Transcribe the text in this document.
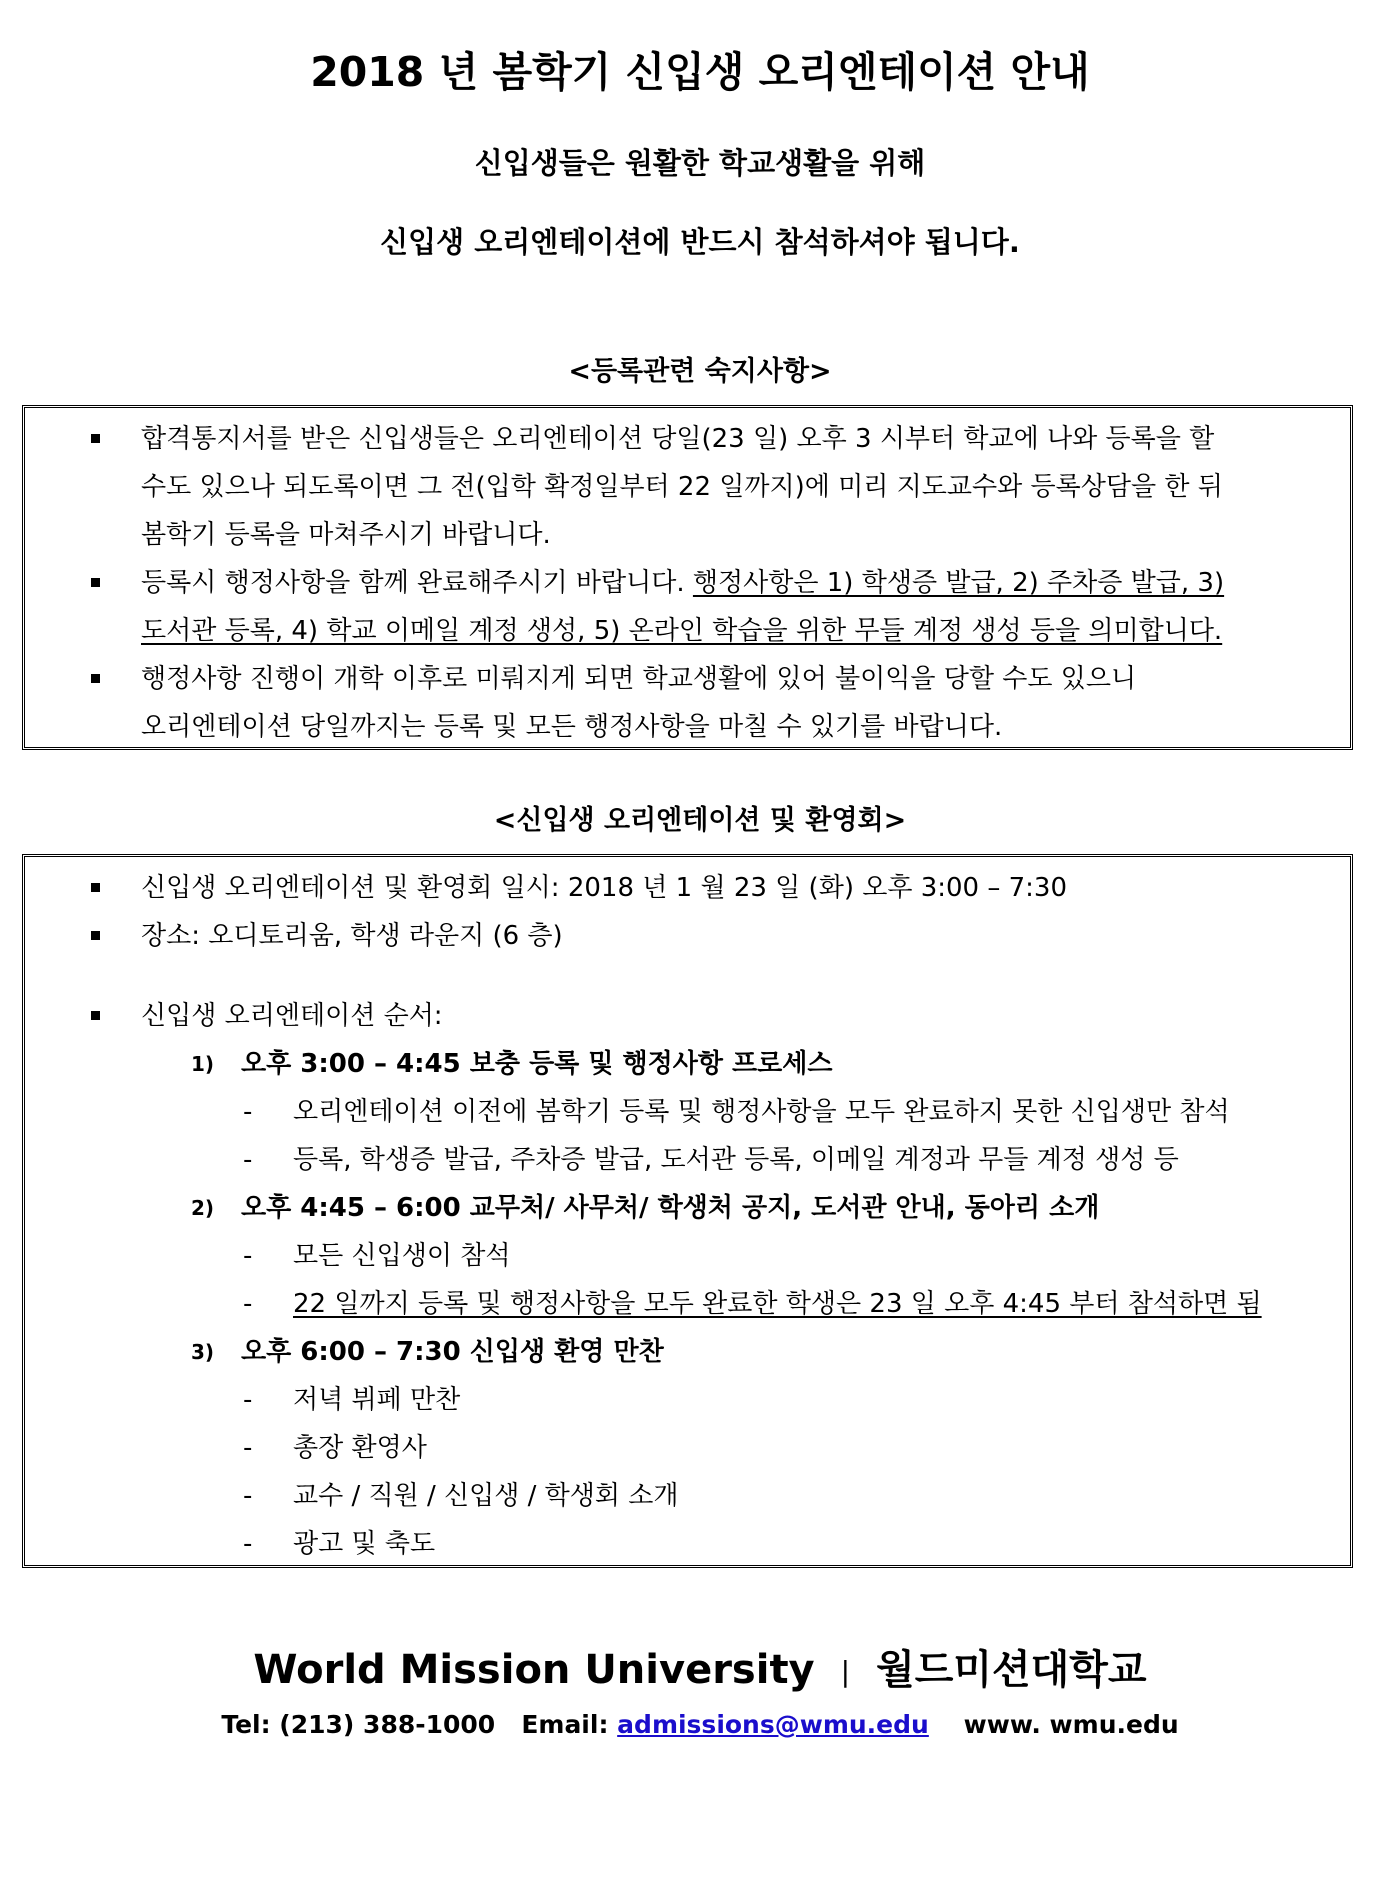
2018 년 봄학기 신입생 오리엔테이션 안내

신입생들은 원활한 학교생활을 위해

신입생 오리엔테이션에 반드시 참석하셔야 됩니다.

<등록관련 숙지사항>
합격통지서를 받은 신입생들은 오리엔테이션 당일(23 일) 오후 3 시부터 학교에 나와 등록을 할
수도 있으나 되도록이면 그 전(입학 확정일부터 22 일까지)에 미리 지도교수와 등록상담을 한 뒤
봄학기 등록을 마쳐주시기 바랍니다.
등록시 행정사항을 함께 완료해주시기 바랍니다. 행정사항은 1) 학생증 발급, 2) 주차증 발급, 3)
도서관 등록, 4) 학교 이메일 계정 생성, 5) 온라인 학습을 위한 무들 계정 생성 등을 의미합니다.
행정사항 진행이 개학 이후로 미뤄지게 되면 학교생활에 있어 불이익을 당할 수도 있으니
오리엔테이션 당일까지는 등록 및 모든 행정사항을 마칠 수 있기를 바랍니다.
<신입생 오리엔테이션 및 환영회>
신입생 오리엔테이션 및 환영회 일시: 2018 년 1 월 23 일 (화) 오후 3:00 – 7:30
장소: 오디토리움, 학생 라운지 (6 층)
신입생 오리엔테이션 순서:
1) 오후 3:00 – 4:45 보충 등록 및 행정사항 프로세스
- 오리엔테이션 이전에 봄학기 등록 및 행정사항을 모두 완료하지 못한 신입생만 참석
- 등록, 학생증 발급, 주차증 발급, 도서관 등록, 이메일 계정과 무들 계정 생성 등
2) 오후 4:45 – 6:00 교무처/ 사무처/ 학생처 공지, 도서관 안내, 동아리 소개
- 모든 신입생이 참석
- 22 일까지 등록 및 행정사항을 모두 완료한 학생은 23 일 오후 4:45 부터 참석하면 됨
3) 오후 6:00 – 7:30 신입생 환영 만찬
- 저녁 뷔페 만찬
- 총장 환영사
- 교수 / 직원 / 신입생 / 학생회 소개
- 광고 및 축도

World Mission University | 월드미션대학교

Tel: (213) 388-1000 Email: admissions@wmu.edu www. wmu.edu
